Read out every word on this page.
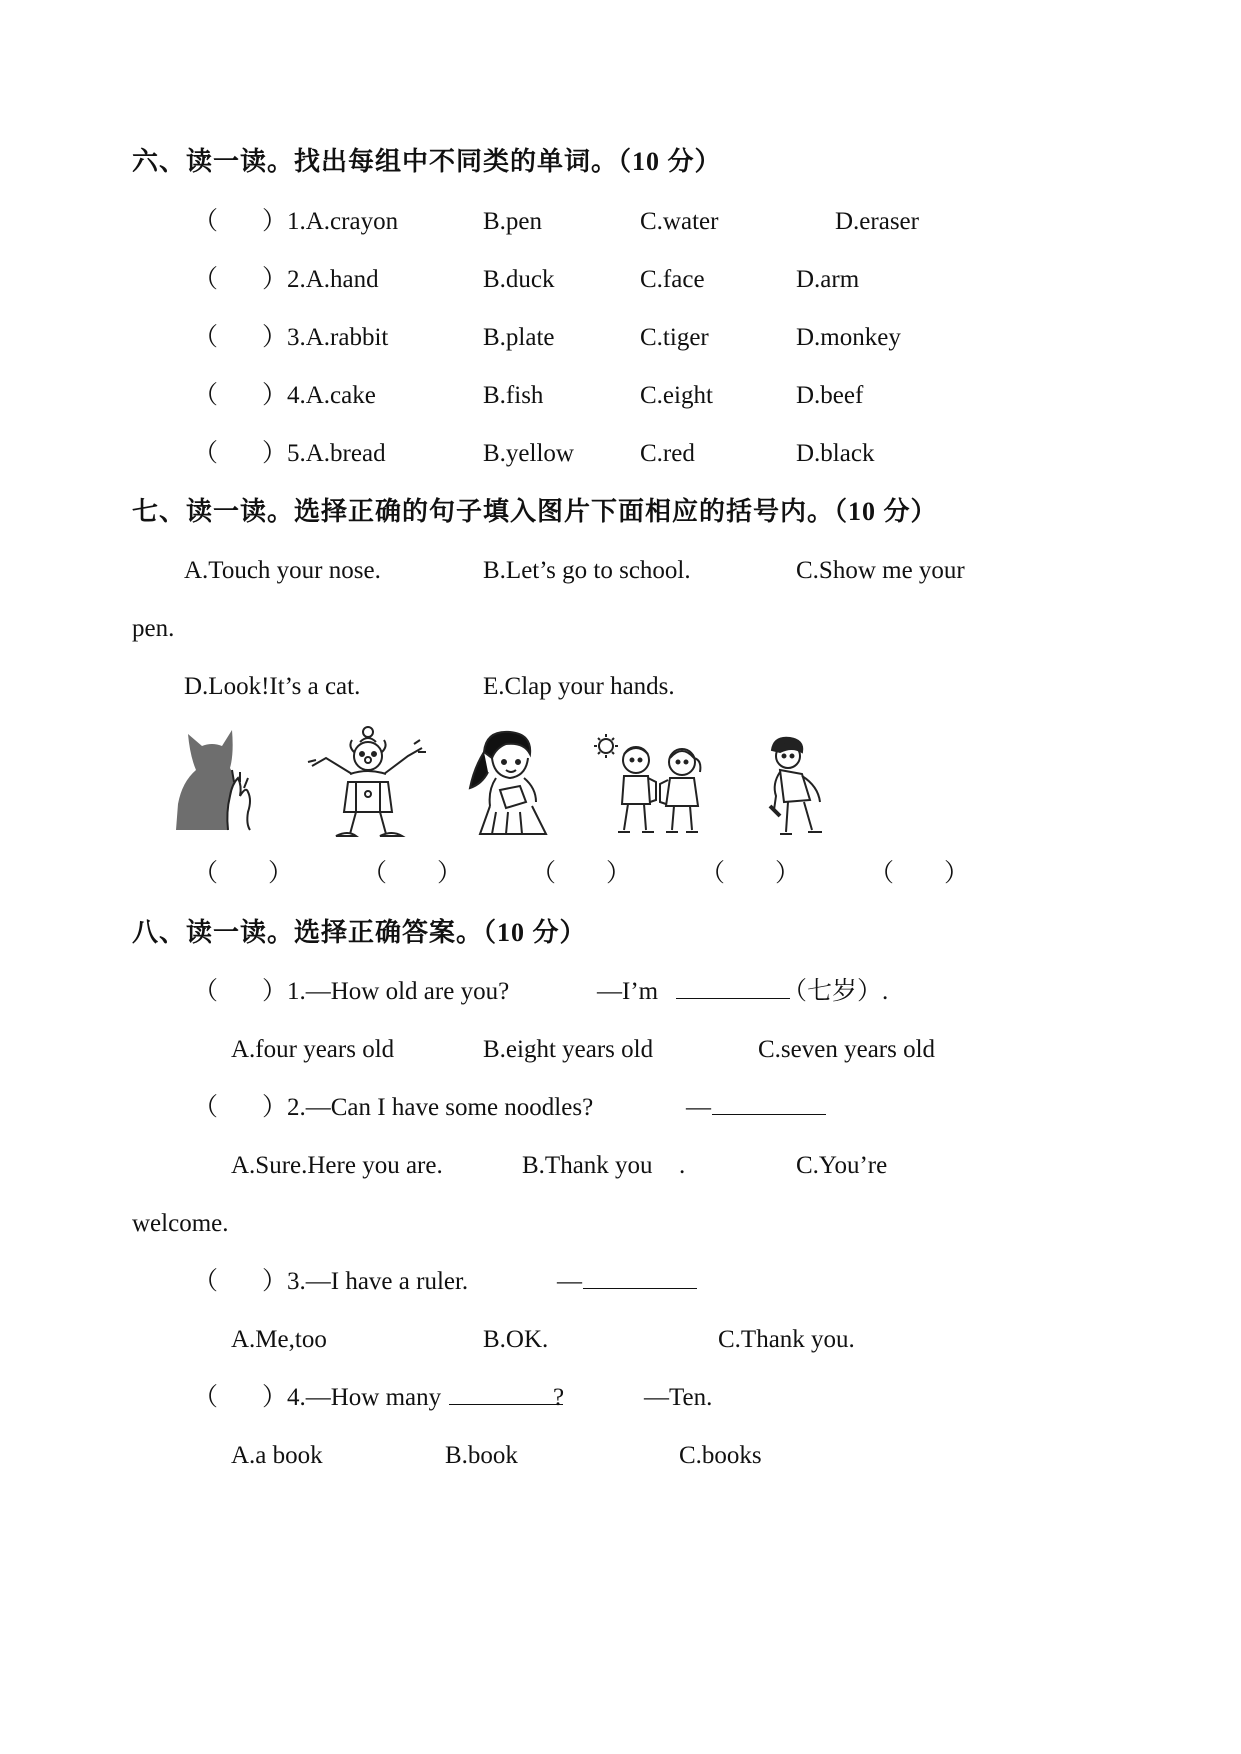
六、读一读。找出每组中不同类的单词。（10 分）
（ ）1.A.crayon	B.pen	C.water	D.eraser
（ ）2.A.hand	B.duck	C.face	D.arm
（ ）3.A.rabbit	B.plate	C.tiger	D.monkey
（ ）4.A.cake	B.fish	C.eight	D.beef
（ ）5.A.bread	B.yellow	C.red	D.black
七、读一读。选择正确的句子填入图片下面相应的括号内。（10 分）
A.Touch your nose.	B.Let’s go to school.	C.Show me your
pen.
D.Look!It’s a cat.	E.Clap your hands.
（　　）	（　　）	（　　）	（　　）	（　　）
八、读一读。选择正确答案。（10 分）
（ ）1.—How old are you?	—I’m	（七岁）.
A.four years old	B.eight years old	C.seven years old
（ ）2.—Can I have some noodles?	—
A.Sure.Here you are.	B.Thank you .	C.You’re
welcome.
（ ）3.—I have a ruler.	—
A.Me,too	B.OK.	C.Thank you.
（ ）4.—How many	?	—Ten.
A.a book	B.book	C.books
